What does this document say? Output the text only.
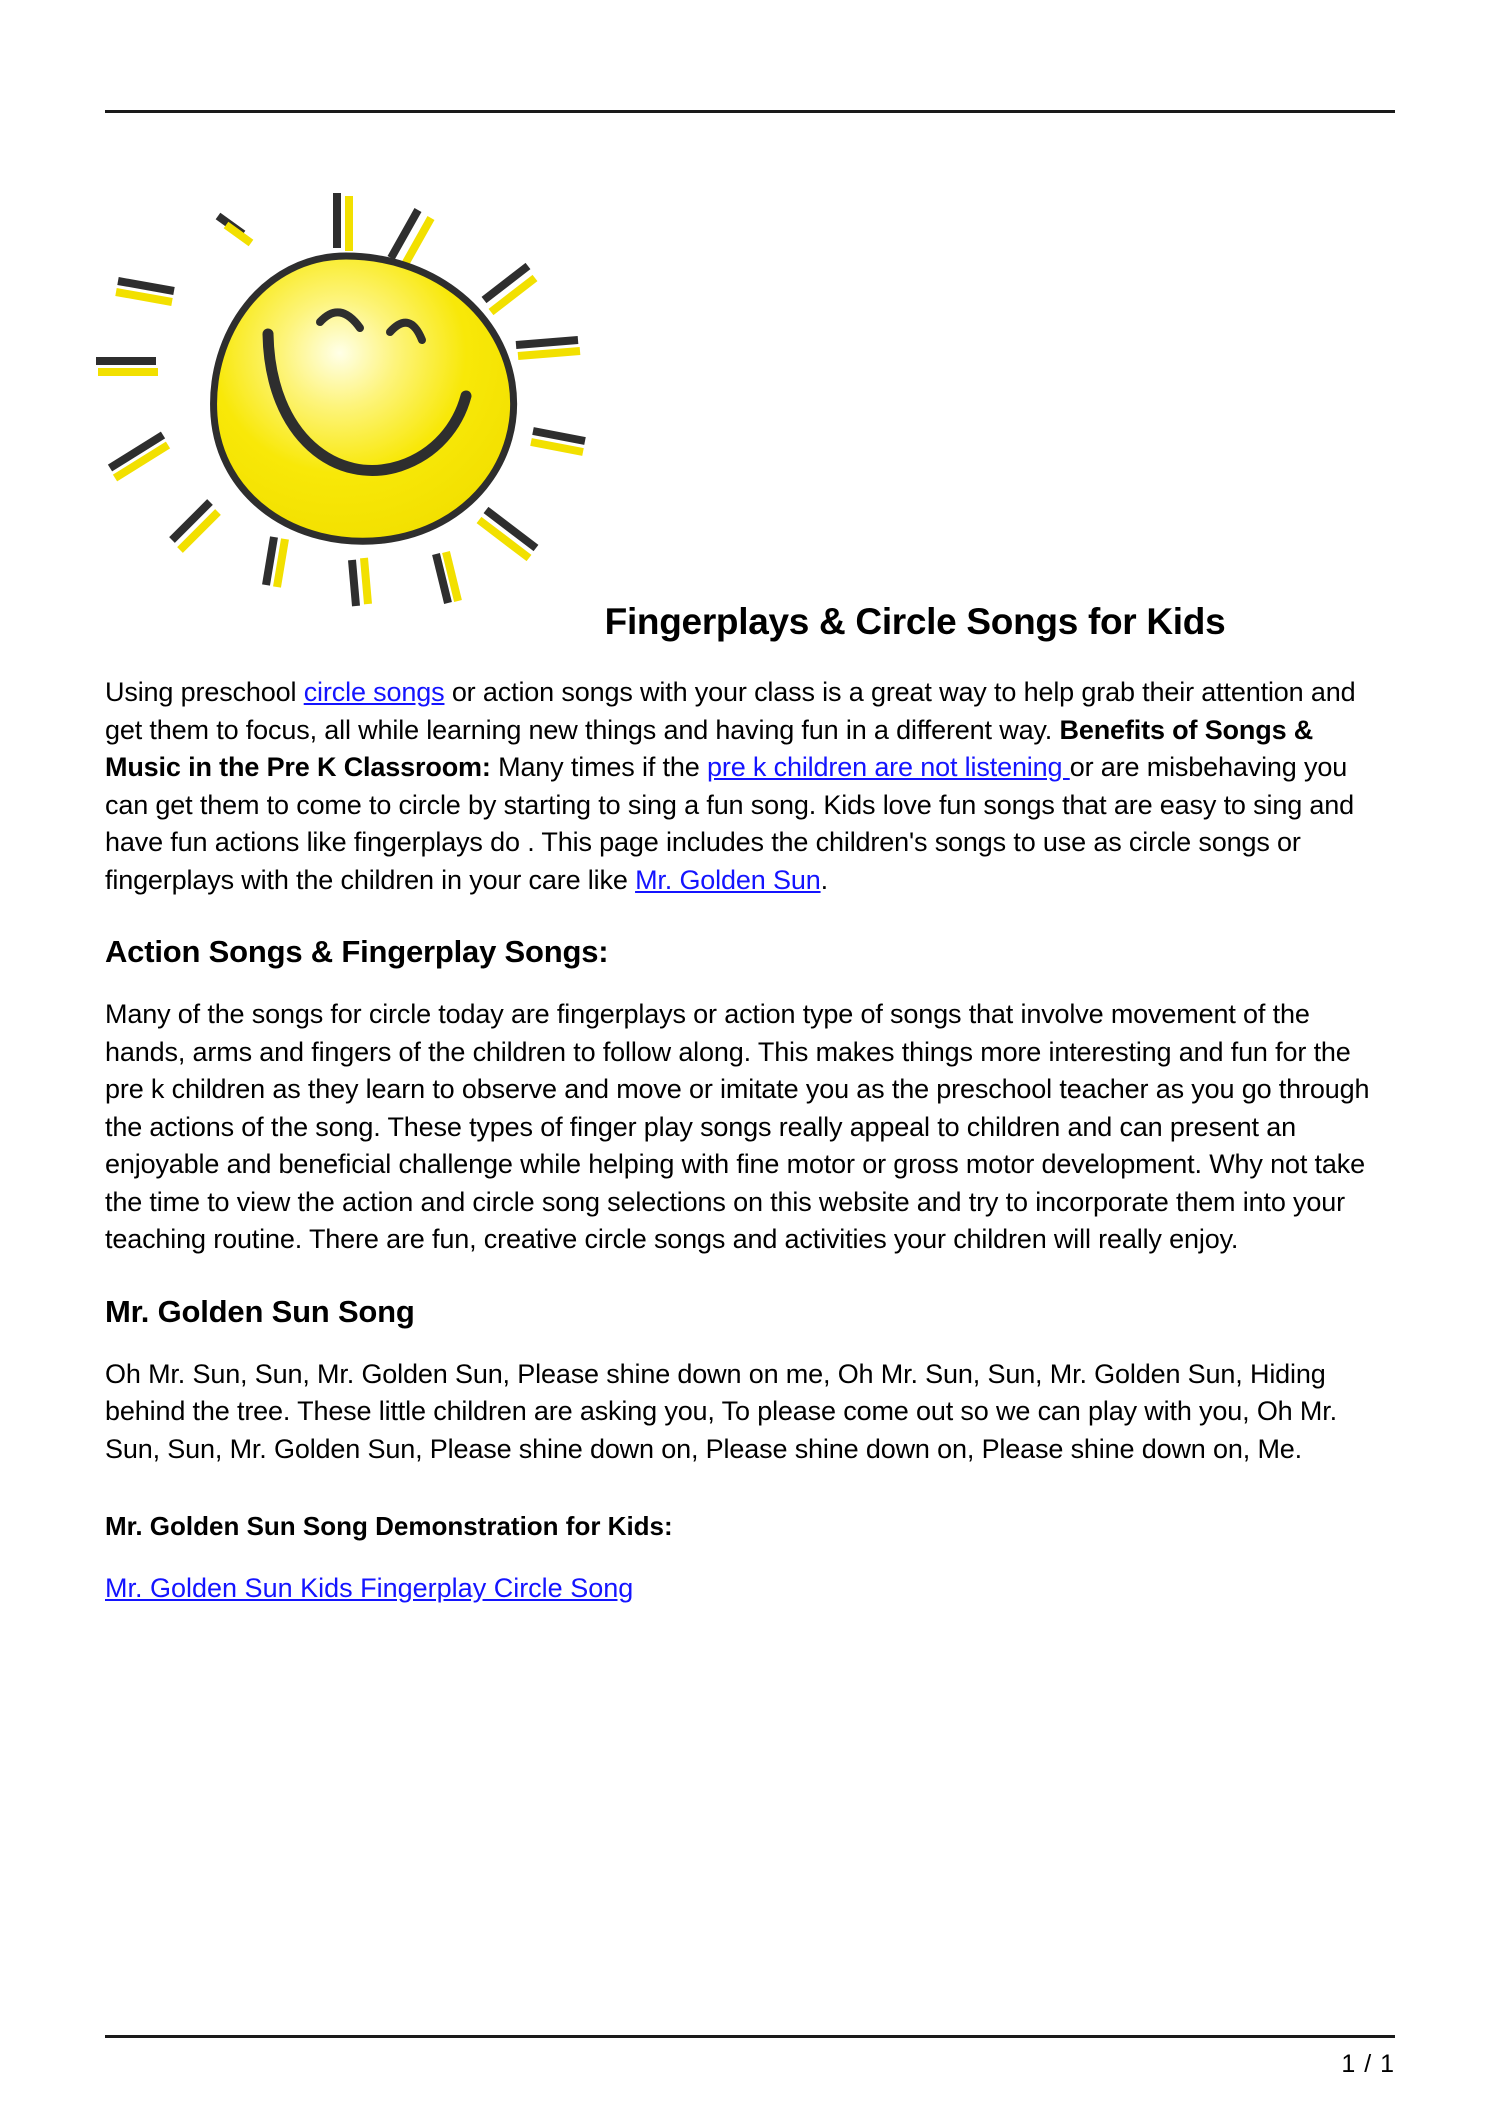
Fingerplays & Circle Songs for Kids

Using preschool circle songs or action songs with your class is a great way to help grab their attention and get them to focus, all while learning new things and having fun in a different way. Benefits of Songs & Music in the Pre K Classroom: Many times if the pre k children are not listening or are misbehaving you can get them to come to circle by starting to sing a fun song. Kids love fun songs that are easy to sing and have fun actions like fingerplays do . This page includes the children's songs to use as circle songs or fingerplays with the children in your care like Mr. Golden Sun.

Action Songs & Fingerplay Songs:

Many of the songs for circle today are fingerplays or action type of songs that involve movement of the hands, arms and fingers of the children to follow along. This makes things more interesting and fun for the pre k children as they learn to observe and move or imitate you as the preschool teacher as you go through the actions of the song. These types of finger play songs really appeal to children and can present an enjoyable and beneficial challenge while helping with fine motor or gross motor development. Why not take the time to view the action and circle song selections on this website and try to incorporate them into your teaching routine. There are fun, creative circle songs and activities your children will really enjoy.

Mr. Golden Sun Song

Oh Mr. Sun, Sun, Mr. Golden Sun, Please shine down on me, Oh Mr. Sun, Sun, Mr. Golden Sun, Hiding behind the tree. These little children are asking you, To please come out so we can play with you, Oh Mr. Sun, Sun, Mr. Golden Sun, Please shine down on, Please shine down on, Please shine down on, Me.

Mr. Golden Sun Song Demonstration for Kids:

Mr. Golden Sun Kids Fingerplay Circle Song

1 / 1
